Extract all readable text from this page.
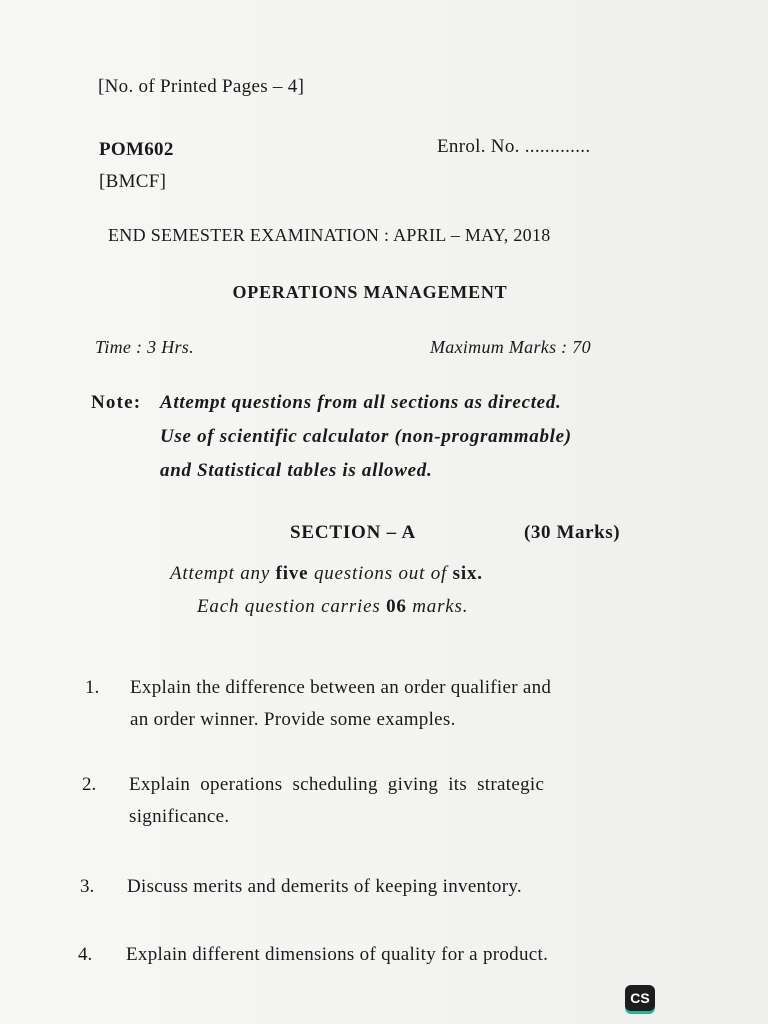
[No. of Printed Pages – 4]
POM602	Enrol. No. .............
[BMCF]
END SEMESTER EXAMINATION : APRIL – MAY, 2018
OPERATIONS MANAGEMENT
Time : 3 Hrs.	Maximum Marks : 70
Note: Attempt questions from all sections as directed.
Use of scientific calculator (non-programmable)
and Statistical tables is allowed.
SECTION – A	(30 Marks)
Attempt any five questions out of six.
Each question carries 06 marks.
1. Explain the difference between an order qualifier and
an order winner. Provide some examples.
2. Explain operations scheduling giving its strategic
significance.
3. Discuss merits and demerits of keeping inventory.
4. Explain different dimensions of quality for a product.
CS
